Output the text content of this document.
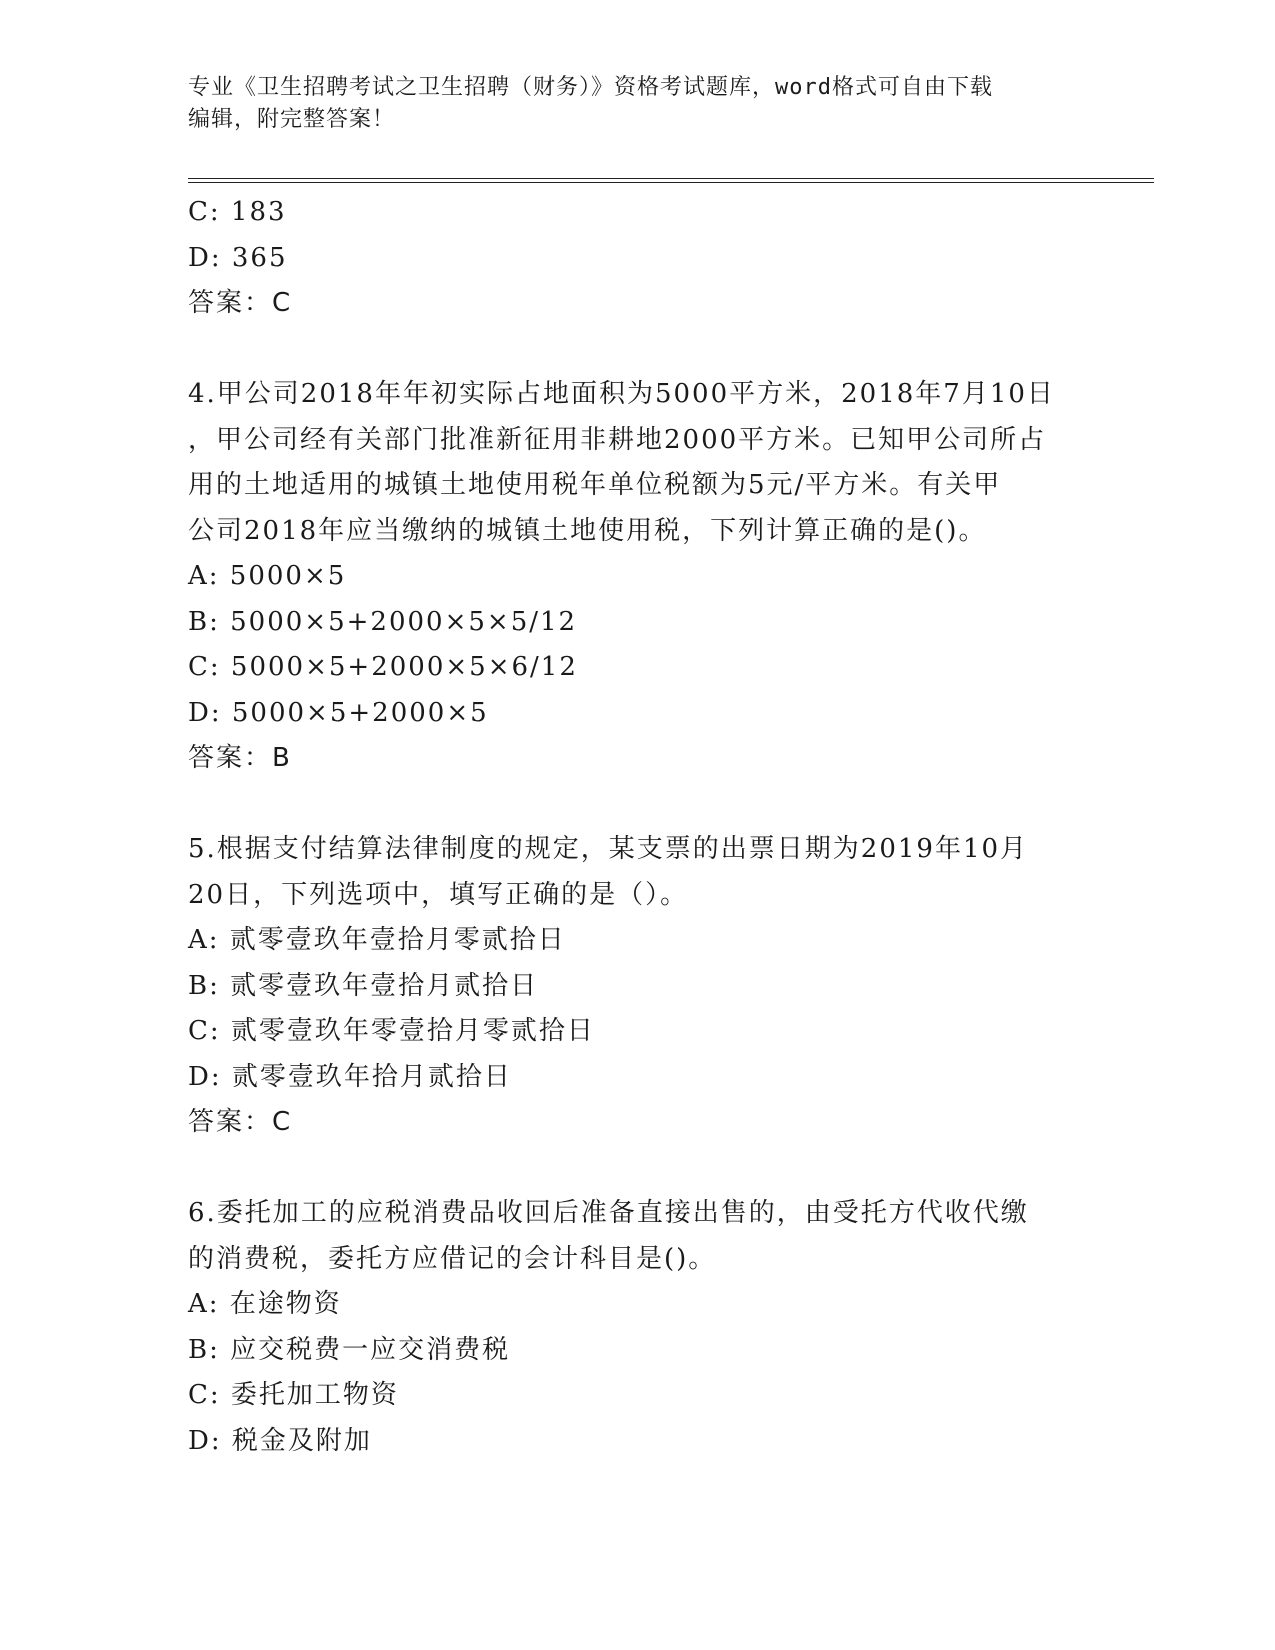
专业《卫生招聘考试之卫生招聘（财务）》资格考试题库，word格式可自由下载
编辑，附完整答案！
C: 183
D: 365
答案：C
4.甲公司2018年年初实际占地面积为5000平方米，2018年7月10日
，甲公司经有关部门批准新征用非耕地2000平方米。已知甲公司所占
用的土地适用的城镇土地使用税年单位税额为5元/平方米。有关甲
公司2018年应当缴纳的城镇土地使用税，下列计算正确的是()。
A: 5000×5
B: 5000×5+2000×5×5/12
C: 5000×5+2000×5×6/12
D: 5000×5+2000×5
答案：B
5.根据支付结算法律制度的规定，某支票的出票日期为2019年10月
20日，下列选项中，填写正确的是（）。
A: 贰零壹玖年壹拾月零贰拾日
B: 贰零壹玖年壹拾月贰拾日
C: 贰零壹玖年零壹拾月零贰拾日
D: 贰零壹玖年拾月贰拾日
答案：C
6.委托加工的应税消费品收回后准备直接出售的，由受托方代收代缴
的消费税，委托方应借记的会计科目是()。
A: 在途物资
B: 应交税费一应交消费税
C: 委托加工物资
D: 税金及附加
